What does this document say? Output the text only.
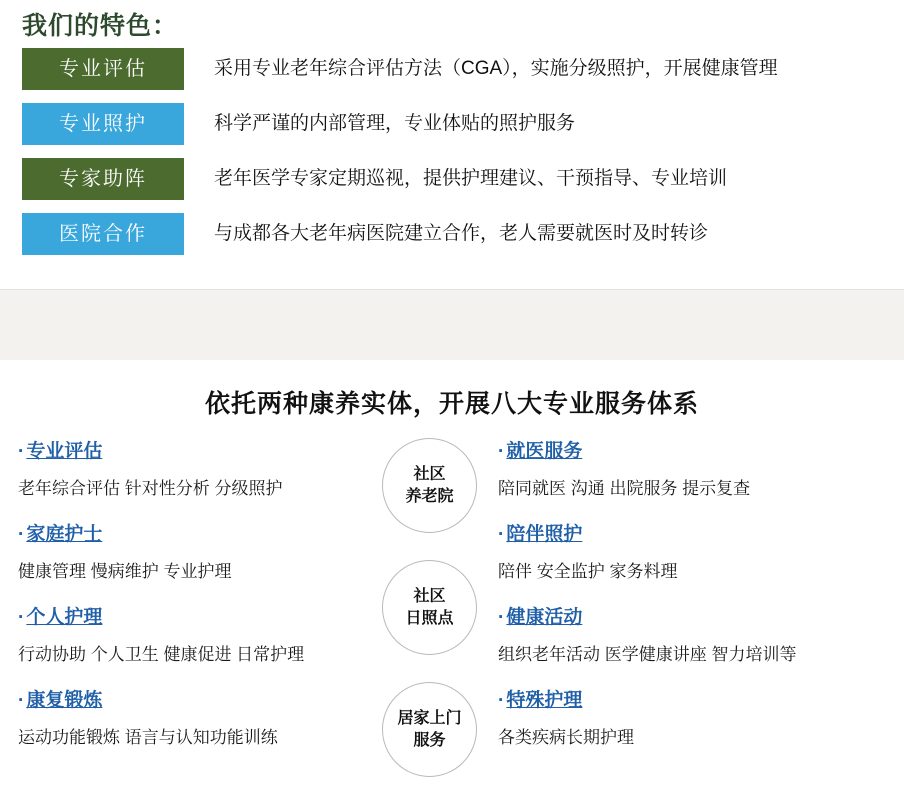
我们的特色：
专业评估	采用专业老年综合评估方法（CGA），实施分级照护，开展健康管理
专业照护	科学严谨的内部管理，专业体贴的照护服务
专家助阵	老年医学专家定期巡视，提供护理建议、干预指导、专业培训
医院合作	与成都各大老年病医院建立合作，老人需要就医时及时转诊
依托两种康养实体，开展八大专业服务体系
· 专业评估
老年综合评估 针对性分析 分级照护
· 家庭护士
健康管理 慢病维护 专业护理
· 个人护理
行动协助 个人卫生 健康促进 日常护理
· 康复锻炼
运动功能锻炼 语言与认知功能训练
社区
养老院
社区
日照点
居家上门
服务
· 就医服务
陪同就医 沟通 出院服务 提示复查
· 陪伴照护
陪伴 安全监护 家务料理
· 健康活动
组织老年活动 医学健康讲座 智力培训等
· 特殊护理
各类疾病长期护理
